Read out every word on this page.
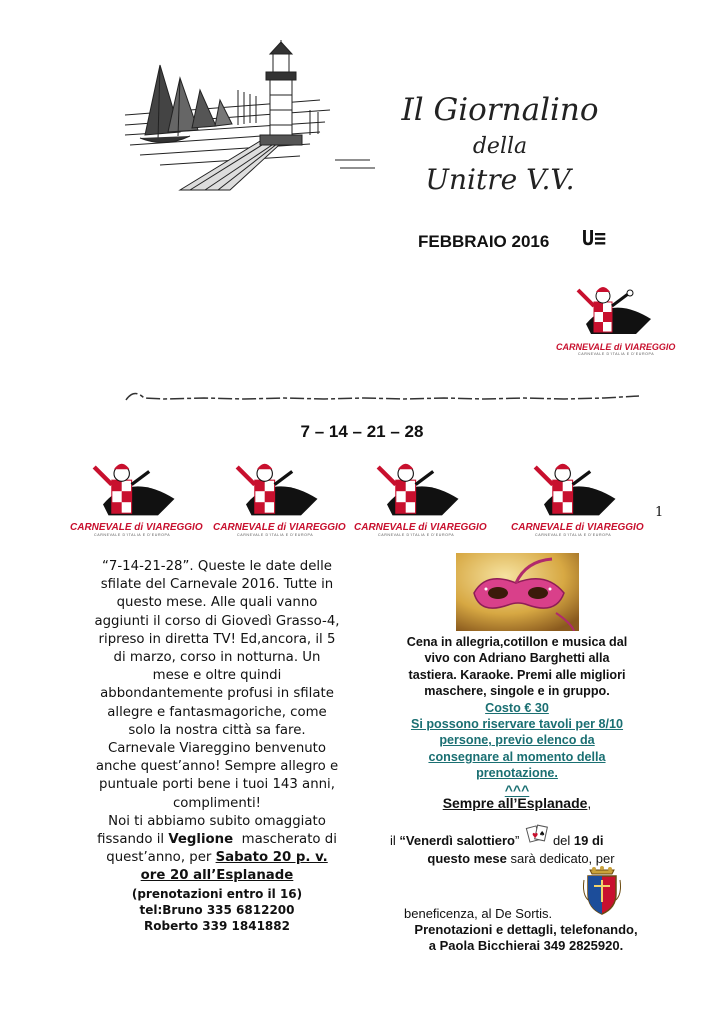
Il Giornalino
della
Unitre V.V.
FEBBRAIO 2016 U≡
CARNEVALE di VIAREGGIO
CARNEVALE D'ITALIA E D'EUROPA
7 – 14 – 21 – 28
CARNEVALE di VIAREGGIO
CARNEVALE D'ITALIA E D'EUROPA
CARNEVALE di VIAREGGIO
CARNEVALE D'ITALIA E D'EUROPA
CARNEVALE di VIAREGGIO
CARNEVALE D'ITALIA E D'EUROPA
CARNEVALE di VIAREGGIO
CARNEVALE D'ITALIA E D'EUROPA
1

“7-14-21-28”. Queste le date delle

sfilate del Carnevale 2016. Tutte in

questo mese. Alle quali vanno

aggiunti il corso di Giovedì Grasso-4,

ripreso in diretta TV! Ed,ancora, il 5

di marzo, corso in notturna. Un

mese e oltre quindi

abbondantemente profusi in sfilate

allegre e fantasmagoriche, come

solo la nostra città sa fare.

Carnevale Viareggino benvenuto

anche quest’anno! Sempre allegro e

puntuale porti bene i tuoi 143 anni,

complimenti!

Noi ti abbiamo subito omaggiato

fissando il Veglione  mascherato di

quest’anno, per Sabato 20 p. v.

ore 20 all’Esplanade

(prenotazioni entro il 16)

tel:Bruno 335 6812200

Roberto 339 1841882

Cena in allegria,cotillon e musica dal
vivo con Adriano Barghetti alla
tastiera. Karaoke. Premi alle migliori
maschere, singole e in gruppo.
Costo € 30
Si possono riservare tavoli per 8/10
persone, previo elenco da
consegnare al momento della
prenotazione.
^^^
Sempre all’Esplanade,
il “Venerdì salottiero” ♥ ♠ del 19 di
questo mese sarà dedicato, per
beneficenza, al De Sortis.
Prenotazioni e dettagli, telefonando,
a Paola Bicchierai 349 2825920.
